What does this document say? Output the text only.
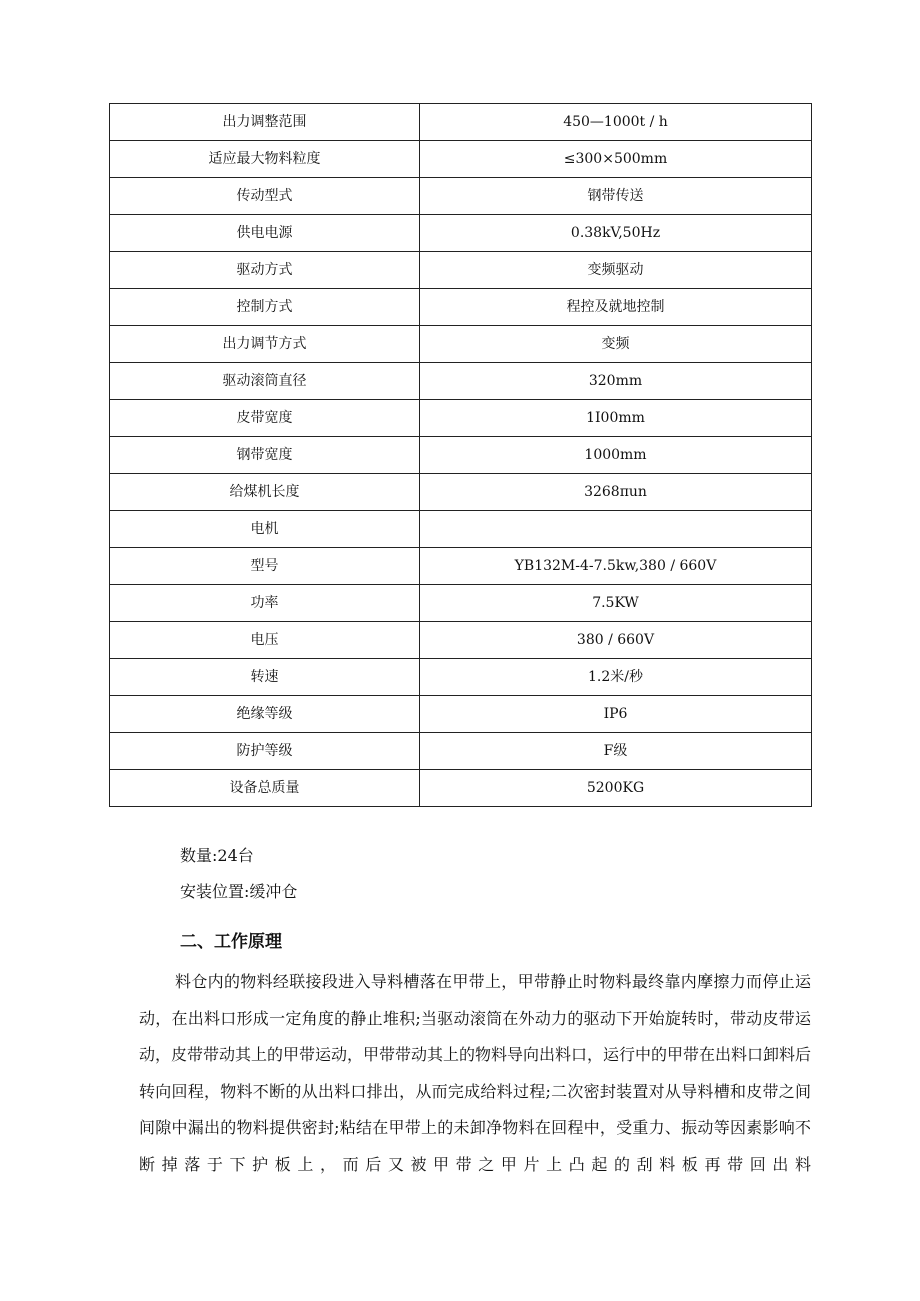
出力调整范围	450—1000t / h
适应最大物料粒度	≤300×500mm
传动型式	钢带传送
供电电源	0.38kV,50Hz
驱动方式	变频驱动
控制方式	程控及就地控制
出力调节方式	变频
驱动滚筒直径	320mm
皮带宽度	1I00mm
钢带宽度	1000mm
给煤机长度	3268πun
电机	
型号	YB132M-4-7.5kw,380 / 660V
功率	7.5KW
电压	380 / 660V
转速	1.2米/秒
绝缘等级	IP6
防护等级	F级
设备总质量	5200KG
数量:24台
安装位置:缓冲仓
二、工作原理

料仓内的物料经联接段进入导料槽落在甲带上，甲带静止时物料最终靠内摩擦力而停止运动，在出料口形成一定角度的静止堆积;当驱动滚筒在外动力的驱动下开始旋转时，带动皮带运动，皮带带动其上的甲带运动，甲带带动其上的物料导向出料口，运行中的甲带在出料口卸料后转向回程，物料不断的从出料口排出，从而完成给料过程;二次密封装置对从导料槽和皮带之间间隙中漏出的物料提供密封;粘结在甲带上的未卸净物料在回程中，受重力、振动等因素影响不断掉落于下护板上，而后又被甲带之甲片上凸起的刮料板再带回出料
